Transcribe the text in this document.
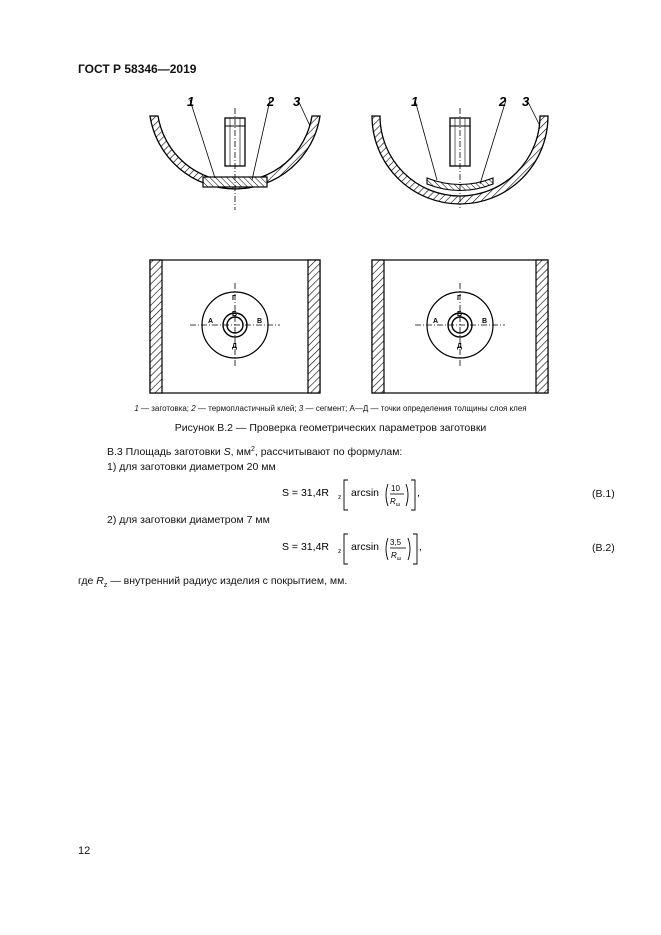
ГОСТ Р 58346—2019
1	2 3	1	2 3
Г
А
Б
В
Д
Г
А
Б
В
Д
1 — заготовка; 2 — термопластичный клей; 3 — сегмент; А—Д — точки определения толщины слоя клея
Рисунок В.2 — Проверка геометрических параметров заготовки
В.3 Площадь заготовки S, $мм^2$, рассчитывают по формулам:
1) для заготовки диаметром 20 мм
S = 31,4R z arcsin 10
R ш
,	(В.1)
2) для заготовки диаметром 7 мм
S = 31,4R z arcsin 3,5
R ш
,	(В.2)
где $R_z$ — внутренний радиус изделия с покрытием, мм.
12
